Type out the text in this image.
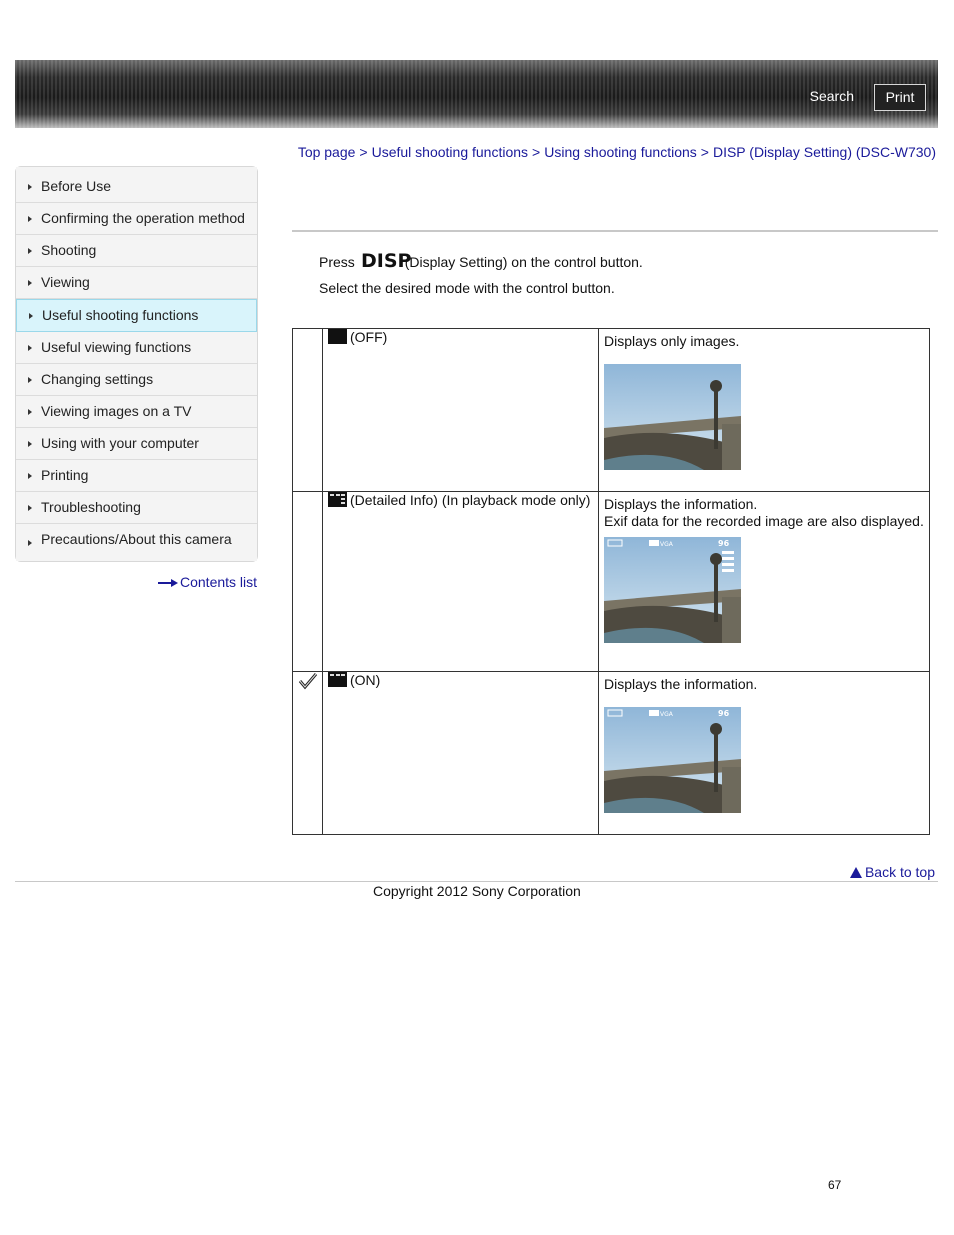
Search	Print
Top page > Useful shooting functions > Using shooting functions > DISP (Display Setting) (DSC-W730)
Before Use
Confirming the operation method
Shooting
Viewing
Useful shooting functions
Useful viewing functions
Changing settings
Viewing images on a TV
Using with your computer
Printing
Troubleshooting
Precautions/About this camera
Contents list
Press DISP
(Display Setting) on the control button.
Select the desired mode with the control button.
	(OFF)	Displays only images.

	(Detailed Info) (In playback mode only)	Displays the information.
Exif data for the recorded image are also displayed.
VGA 96

	(ON)	Displays the information.
VGA 96
Back to top
Copyright 2012 Sony Corporation
67
